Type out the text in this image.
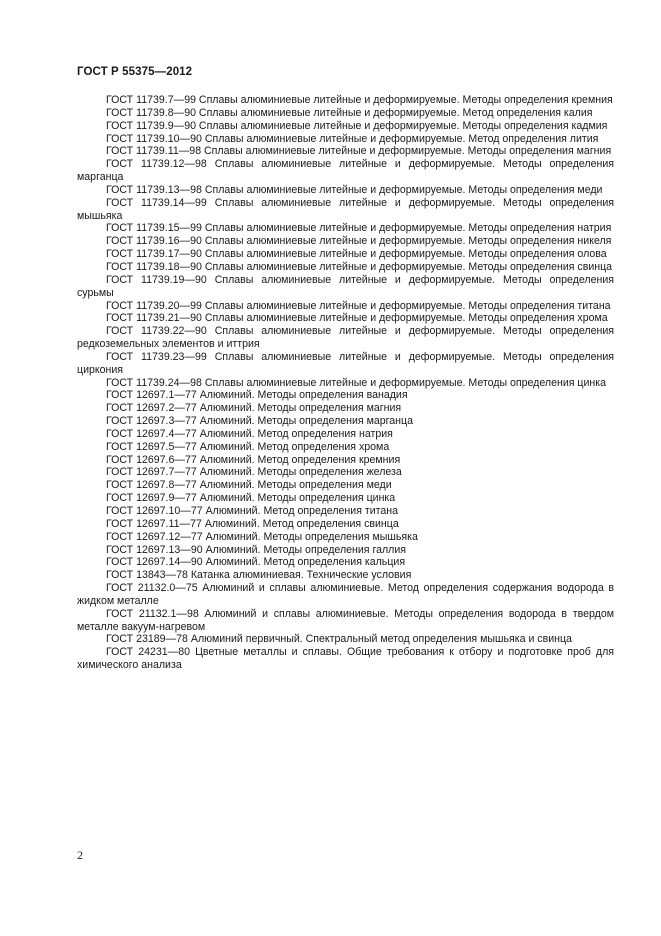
ГОСТ Р 55375—2012

ГОСТ 11739.7—99 Сплавы алюминиевые литейные и деформируемые. Методы определения кремния

ГОСТ 11739.8—90 Сплавы алюминиевые литейные и деформируемые. Метод определения калия

ГОСТ 11739.9—90 Сплавы алюминиевые литейные и деформируемые. Методы определения кадмия

ГОСТ 11739.10—90 Сплавы алюминиевые литейные и деформируемые. Метод определения лития

ГОСТ 11739.11—98 Сплавы алюминиевые литейные и деформируемые. Методы определения магния

ГОСТ 11739.12—98 Сплавы алюминиевые литейные и деформируемые. Методы определения марганца

ГОСТ 11739.13—98 Сплавы алюминиевые литейные и деформируемые. Методы определения меди

ГОСТ 11739.14—99 Сплавы алюминиевые литейные и деформируемые. Методы определения мышьяка

ГОСТ 11739.15—99 Сплавы алюминиевые литейные и деформируемые. Методы определения натрия

ГОСТ 11739.16—90 Сплавы алюминиевые литейные и деформируемые. Методы определения никеля

ГОСТ 11739.17—90 Сплавы алюминиевые литейные и деформируемые. Методы определения олова

ГОСТ 11739.18—90 Сплавы алюминиевые литейные и деформируемые. Методы определения свинца

ГОСТ 11739.19—90 Сплавы алюминиевые литейные и деформируемые. Методы определения сурьмы

ГОСТ 11739.20—99 Сплавы алюминиевые литейные и деформируемые. Методы определения титана

ГОСТ 11739.21—90 Сплавы алюминиевые литейные и деформируемые. Методы определения хрома

ГОСТ 11739.22—90 Сплавы алюминиевые литейные и деформируемые. Методы определения редкоземельных элементов и иттрия

ГОСТ 11739.23—99 Сплавы алюминиевые литейные и деформируемые. Методы определения циркония

ГОСТ 11739.24—98 Сплавы алюминиевые литейные и деформируемые. Методы определения цинка

ГОСТ 12697.1—77 Алюминий. Методы определения ванадия

ГОСТ 12697.2—77 Алюминий. Методы определения магния

ГОСТ 12697.3—77 Алюминий. Методы определения марганца

ГОСТ 12697.4—77 Алюминий. Метод определения натрия

ГОСТ 12697.5—77 Алюминий. Метод определения хрома

ГОСТ 12697.6—77 Алюминий. Метод определения кремния

ГОСТ 12697.7—77 Алюминий. Методы определения железа

ГОСТ 12697.8—77 Алюминий. Методы определения меди

ГОСТ 12697.9—77 Алюминий. Методы определения цинка

ГОСТ 12697.10—77 Алюминий. Метод определения титана

ГОСТ 12697.11—77 Алюминий. Метод определения свинца

ГОСТ 12697.12—77 Алюминий. Методы определения мышьяка

ГОСТ 12697.13—90 Алюминий. Методы определения галлия

ГОСТ 12697.14—90 Алюминий. Метод определения кальция

ГОСТ 13843—78 Катанка алюминиевая. Технические условия

ГОСТ 21132.0—75 Алюминий и сплавы алюминиевые. Метод определения содержания водорода в жидком металле

ГОСТ 21132.1—98 Алюминий и сплавы алюминиевые. Методы определения водорода в твердом металле вакуум-нагревом

ГОСТ 23189—78 Алюминий первичный. Спектральный метод определения мышьяка и свинца

ГОСТ 24231—80 Цветные металлы и сплавы. Общие требования к отбору и подготовке проб для химического анализа

2
